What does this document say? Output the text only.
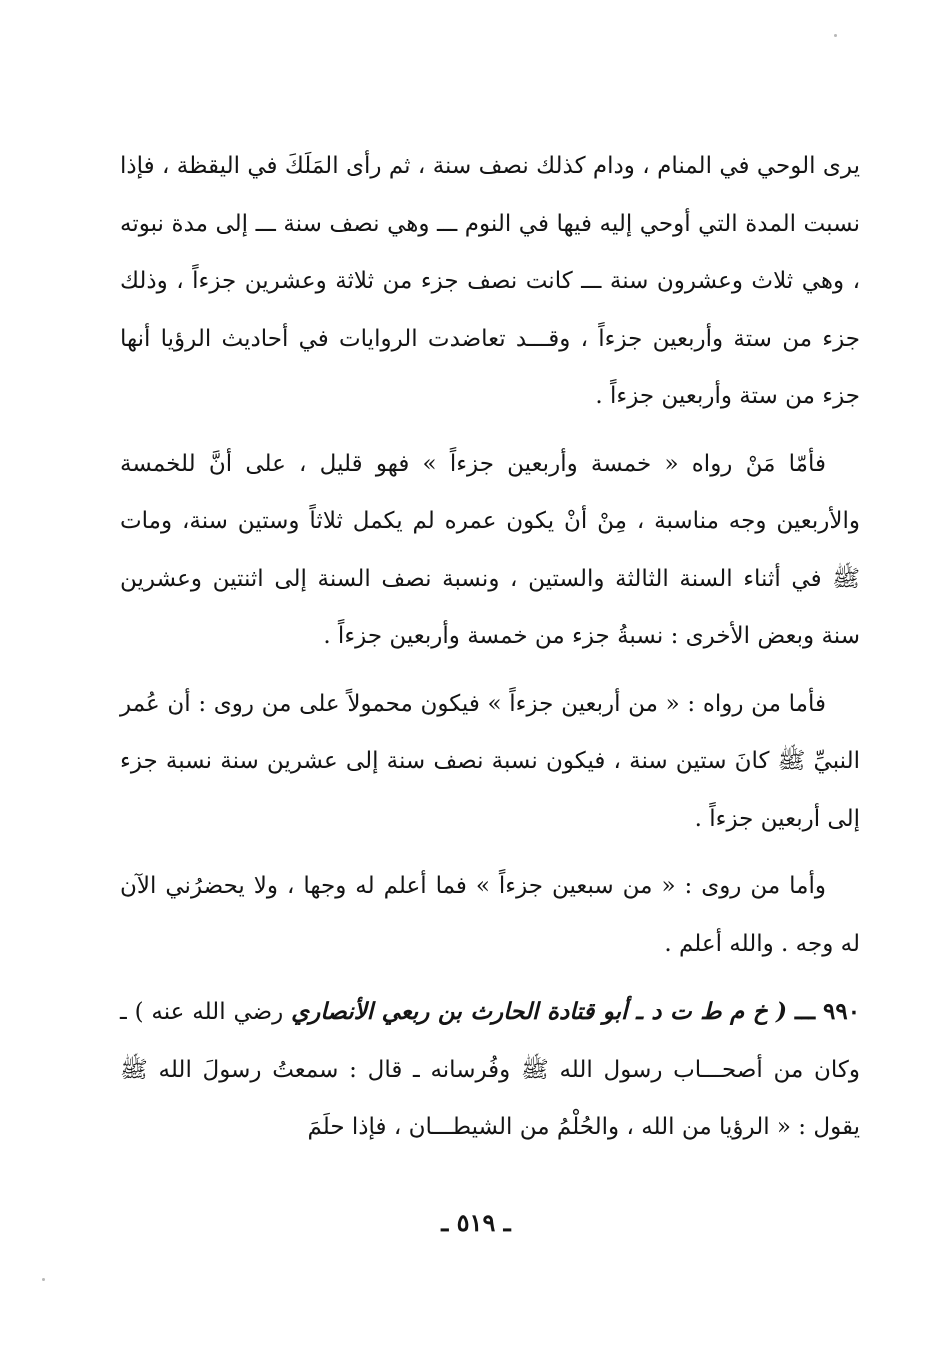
يرى الوحي في المنام ، ودام كذلك نصف سنة ، ثم رأى المَلَكَ في اليقظة ، فإذا نسبت المدة التي أوحي إليه فيها في النوم ـــ وهي نصف سنة ـــ إلى مدة نبوته ، وهي ثلاث وعشرون سنة ـــ كانت نصف جزء من ثلاثة وعشرين جزءاً ، وذلك جزء من ستة وأربعين جزءاً ، وقـــد تعاضدت الروايات في أحاديث الرؤيا أنها جزء من ستة وأربعين جزءاً .

فأمّا مَنْ رواه « خمسة وأربعين جزءاً » فهو قليل ، على أنَّ للخمسة والأربعين وجه مناسبة ، مِنْ أنْ يكون عمره لم يكمل ثلاثاً وستين سنة، ومات ﷺ في أثناء السنة الثالثة والستين ، ونسبة نصف السنة إلى اثنتين وعشرين سنة وبعض الأخرى : نسبةُ جزء من خمسة وأربعين جزءاً .

فأما من رواه : « من أربعين جزءاً » فيكون محمولاً على من روى : أن عُمر النبيِّ ﷺ كانَ ستين سنة ، فيكون نسبة نصف سنة إلى عشرين سنة نسبة جزء إلى أربعين جزءاً .

وأما من روى : « من سبعين جزءاً » فما أعلم له وجها ، ولا يحضرُني الآن له وجه . والله أعلم .

٩٩٠ ـــ ( خ م ط ت د ـ أبو قتادة الحارث بن ربعي الأنصاري رضي الله عنه ) ـ وكان من أصحـــاب رسول الله ﷺ وفُرسانه ـ قال : سمعتُ رسولَ الله ﷺ يقول : « الرؤيا من الله ، والحُلْمُ من الشيطـــان ، فإذا حلَمَ

ـ ٥١٩ ـ
